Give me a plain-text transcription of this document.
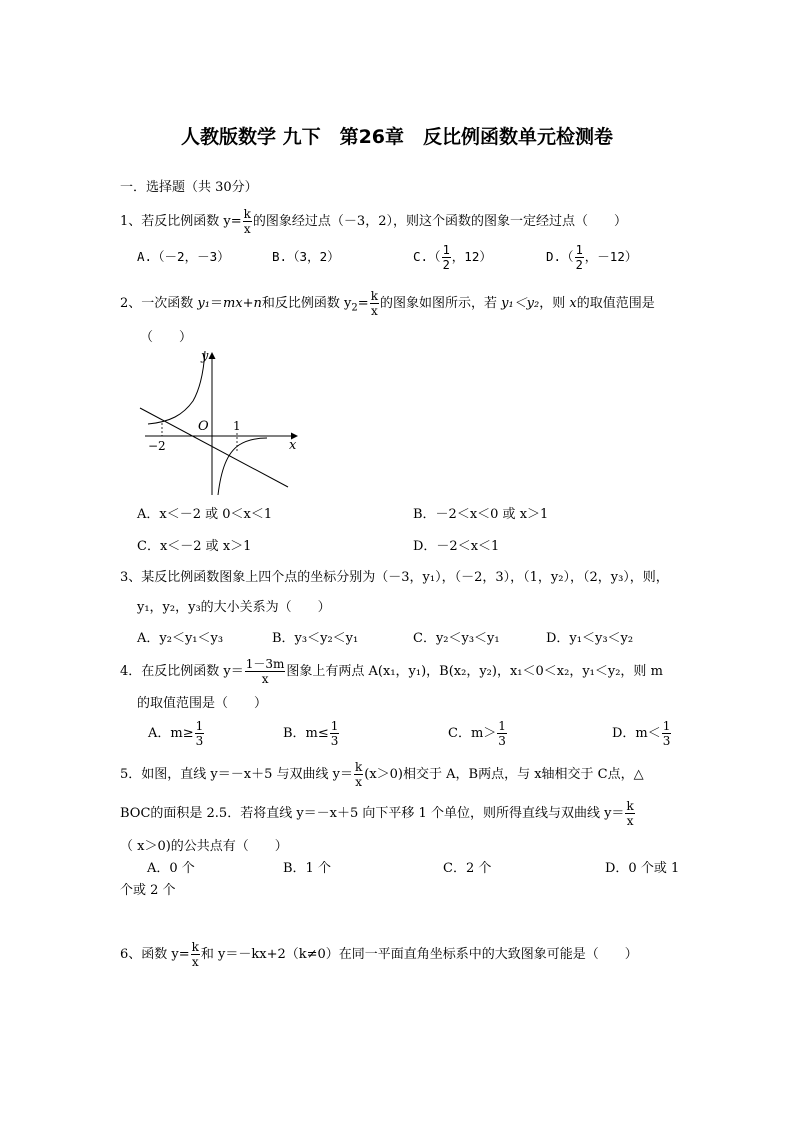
人教版数学 九下　第26章　反比例函数单元检测卷
一．选择题（共 30分）
1、若反比例函数 $y= \frac{k}{x}$ 的图象经过点（－3，2），则这个函数的图象一定经过点（　　）
A.（－2，－3）	B.（3，2）	$C.( \frac{1}{2}$ ，12）	$D.( \frac{1}{2}$ ，－12）
2、一次函数 y₁＝mx+n和反比例函数 $y_2= \frac{k}{x}$ 的图象如图所示，若 y₁＜y₂，则 x的取值范围是
（　　）
y
x
O 1
−2
A．x＜－2 或 0＜x＜1	B．－2＜x＜0 或 x＞1
C．x＜－2 或 x＞1	D．－2＜x＜1
3、某反比例函数图象上四个点的坐标分别为（－3，y₁），（－2，3），（1，y₂），（2，y₃），则，
y₁，y₂，y₃的大小关系为（　　）
A．y₂＜y₁＜y₃	B．y₃＜y₂＜y₁	C．y₂＜y₃＜y₁	D．y₁＜y₃＜y₂
4．在反比例函数 $y= \frac{1-3m}{x}$ 图象上有两点 A(x₁，y₁)，B(x₂，y₂)，x₁＜0＜x₂，y₁＜y₂，则 m
的取值范围是（　　）
A．$m\ge \frac{1}{3}$	B．$m\le \frac{1}{3}$	C．$m> \frac{1}{3}$	D．$m< \frac{1}{3}$
5．如图，直线 y＝－x＋5 与双曲线 $y= \frac{k}{x} (x>0)$相交于 A，B两点，与 x轴相交于 C点，△
BOC的面积是 2.5．若将直线 y＝－x＋5 向下平移 1 个单位，则所得直线与双曲线 $y= \frac{k}{x}$
（ x＞0)的公共点有（　　）
A．0 个	B．1 个	C．2 个	D．0 个或 1
个或 2 个
6、函数 $y= \frac{k}{x}$ 和 y＝－kx+2（k≠0）在同一平面直角坐标系中的大致图象可能是（　　）
